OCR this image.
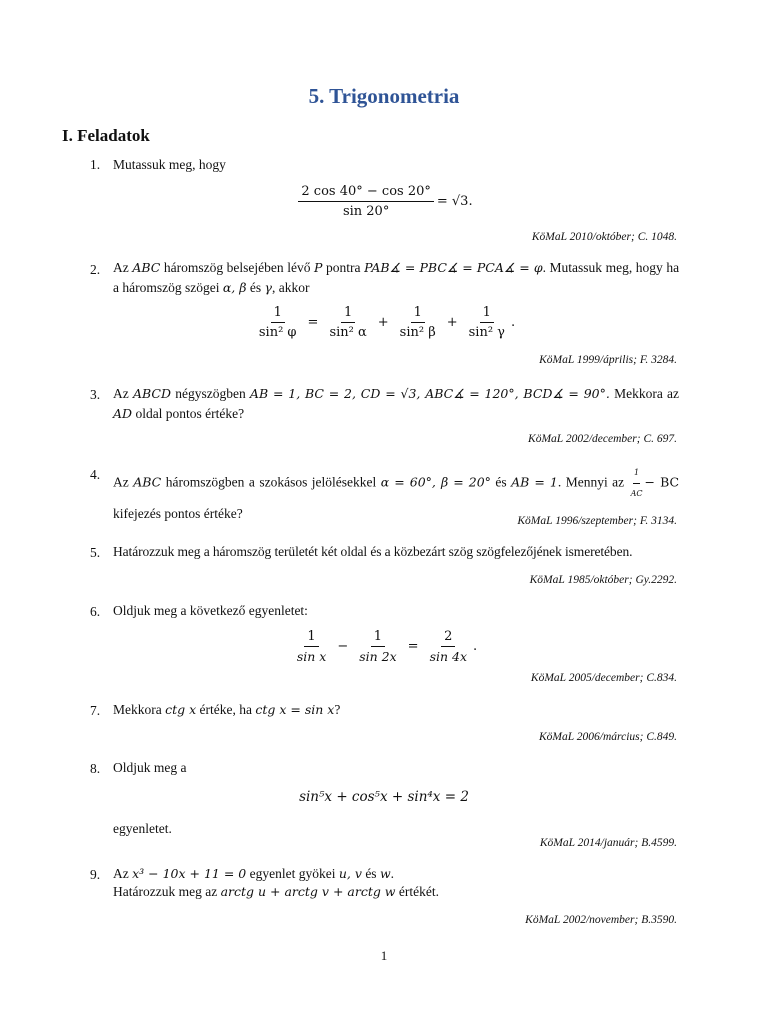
5. Trigonometria
I. Feladatok
1. Mutassuk meg, hogy
$\frac{2 \cos 40^\circ - \cos 20^\circ}{\sin 20^\circ} = √3$.
KöMaL 2010/október; C. 1048.
2. Az ABC háromszög belsejében lévő P pontra PAB∡ = PBC∡ = PCA∡ = φ. Mutassuk meg, hogy ha a háromszög szögei α, β és γ, akkor
$\frac{1}{\text{sin² φ}} = \frac{1}{\text{sin² α}} + \frac{1}{\text{sin² β}} + \frac{1}{\text{sin² γ}}$ .
KöMaL 1999/április; F. 3284.
3. Az ABCD négyszögben AB = 1, BC = 2, CD = √3, ABC∡ = 120°, BCD∡ = 90°. Mekkora az AD oldal pontos értéke?
KöMaL 2002/december; C. 697.
4.
Az ABC háromszögben a szokásos jelölésekkel α = 60°, β = 20° és AB = 1. Mennyi az $\frac{1}{AC}$ − BC kifejezés pontos értéke?	KöMaL 1996/szeptember; F. 3134.
5. Határozzuk meg a háromszög területét két oldal és a közbezárt szög szögfelezőjének ismeretében.
KöMaL 1985/október; Gy.2292.
6. Oldjuk meg a következő egyenletet:
$\frac{1}{\text{sin x}} - \frac{1}{\sin 2x} = \frac{2}{\sin 4x}$ .
KöMaL 2005/december; C.834.
7. Mekkora ctg x értéke, ha ctg x = sin x?
KöMaL 2006/március; C.849.
8. Oldjuk meg a
sin⁵x + cos⁵x + sin⁴x = 2
egyenletet.
KöMaL 2014/január; B.4599.
9. Az x³ − 10x + 11 = 0 egyenlet gyökei u, v és w.
Határozzuk meg az arctg u + arctg v + arctg w értékét.
KöMaL 2002/november; B.3590.
1
